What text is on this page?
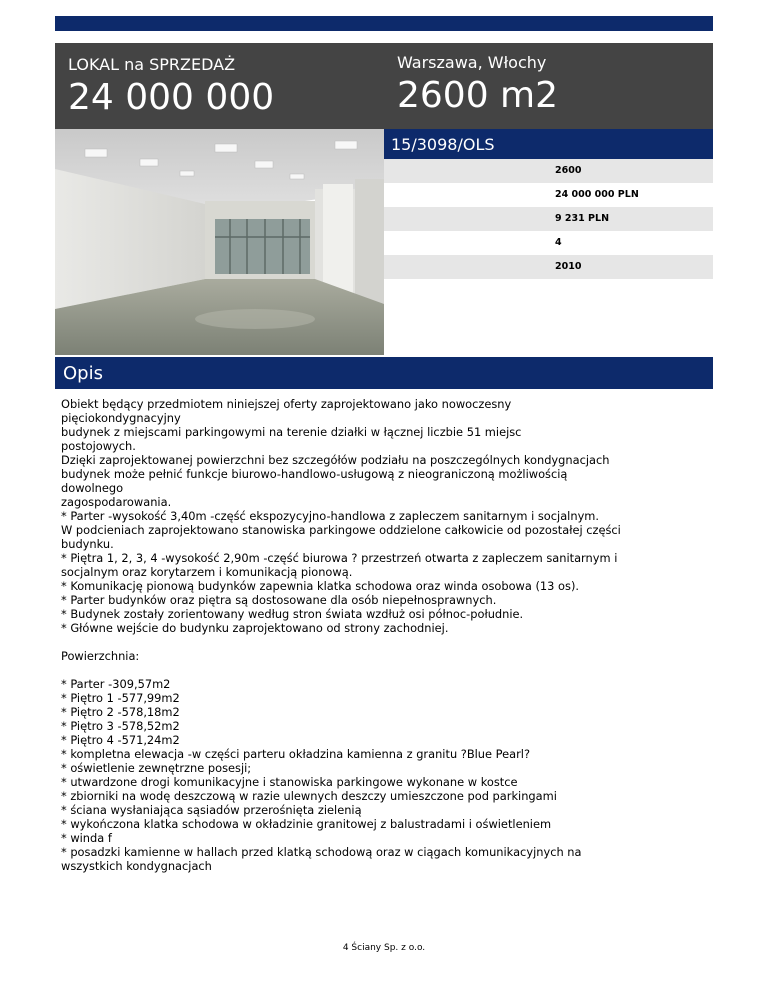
LOKAL na SPRZEDAŻ
24 000 000
Warszawa, Włochy
2600 m2
15/3098/OLS
2600
24 000 000 PLN
9 231 PLN
4
2010
Opis
Obiekt będący przedmiotem niniejszej oferty zaprojektowano jako nowoczesny
pięciokondygnacyjny
budynek z miejscami parkingowymi na terenie działki w łącznej liczbie 51 miejsc
postojowych.
Dzięki zaprojektowanej powierzchni bez szczegółów podziału na poszczególnych kondygnacjach
budynek może pełnić funkcje biurowo-handlowo-usługową z nieograniczoną możliwością
dowolnego
zagospodarowania.
* Parter -wysokość 3,40m -część ekspozycyjno-handlowa z zapleczem sanitarnym i socjalnym.
W podcieniach zaprojektowano stanowiska parkingowe oddzielone całkowicie od pozostałej części
budynku.
* Piętra 1, 2, 3, 4 -wysokość 2,90m -część biurowa ? przestrzeń otwarta z zapleczem sanitarnym i
socjalnym oraz korytarzem i komunikacją pionową.
* Komunikację pionową budynków zapewnia klatka schodowa oraz winda osobowa (13 os).
* Parter budynków oraz piętra są dostosowane dla osób niepełnosprawnych.
* Budynek zostały zorientowany według stron świata wzdłuż osi północ-południe.
* Główne wejście do budynku zaprojektowano od strony zachodniej.

Powierzchnia:

* Parter -309,57m2
* Piętro 1 -577,99m2
* Piętro 2 -578,18m2
* Piętro 3 -578,52m2
* Piętro 4 -571,24m2
* kompletna elewacja -w części parteru okładzina kamienna z granitu ?Blue Pearl?
* oświetlenie zewnętrzne posesji;
* utwardzone drogi komunikacyjne i stanowiska parkingowe wykonane w kostce
* zbiorniki na wodę deszczową w razie ulewnych deszczy umieszczone pod parkingami
* ściana wysłaniająca sąsiadów przerośnięta zielenią
* wykończona klatka schodowa w okładzinie granitowej z balustradami i oświetleniem
* winda f
* posadzki kamienne w hallach przed klatką schodową oraz w ciągach komunikacyjnych na
wszystkich kondygnacjach
4 Ściany Sp. z o.o.
